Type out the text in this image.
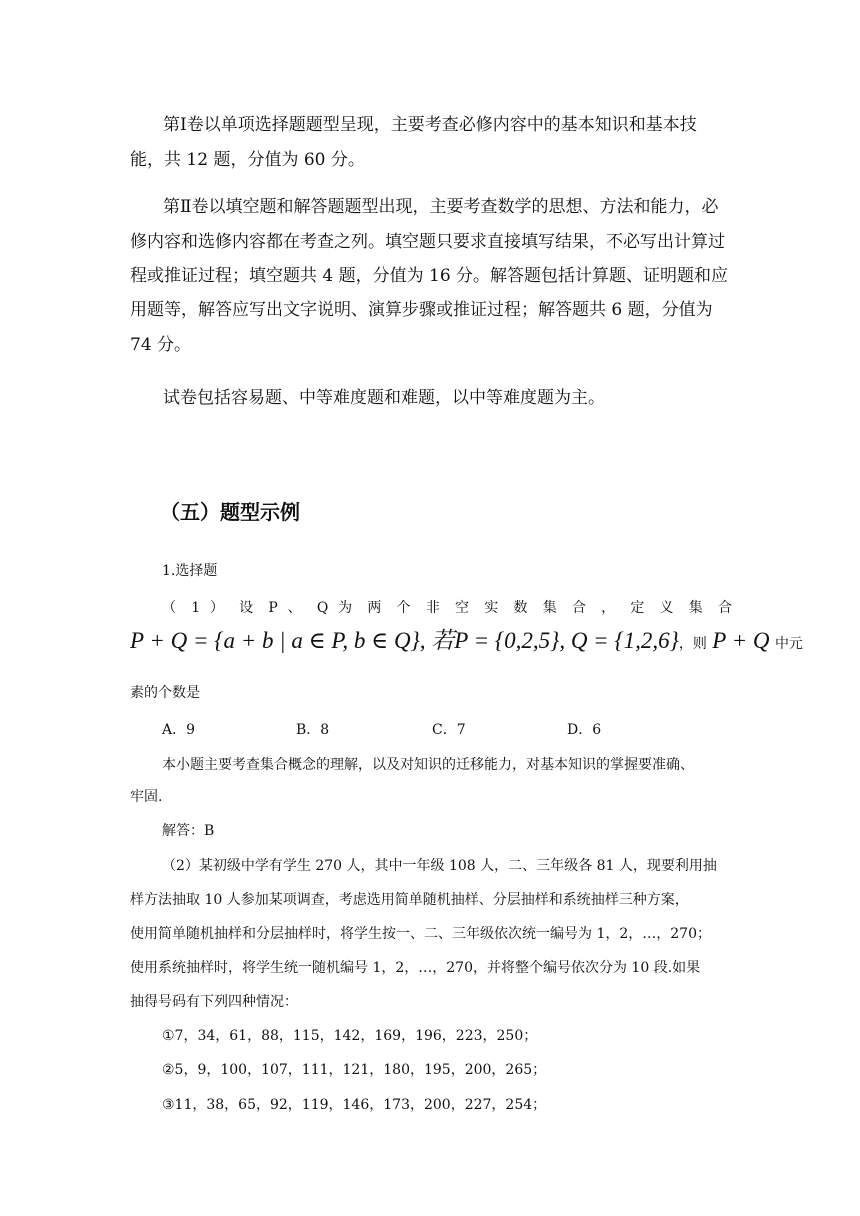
第Ⅰ卷以单项选择题题型呈现，主要考查必修内容中的基本知识和基本技
能，共 12 题，分值为 60 分。
第Ⅱ卷以填空题和解答题题型出现，主要考查数学的思想、方法和能力，必
修内容和选修内容都在考查之列。填空题只要求直接填写结果，不必写出计算过
程或推证过程；填空题共 4 题，分值为 16 分。解答题包括计算题、证明题和应
用题等，解答应写出文字说明、演算步骤或推证过程；解答题共 6 题，分值为
74 分。
试卷包括容易题、中等难度题和难题，以中等难度题为主。
（五）题型示例
1.选择题
（ 1 ） 设 P 、 Q 为 两 个 非 空 实 数 集 合 ， 定 义 集 合
P + Q = {a + b | a ∈ P, b ∈ Q}, 若P = {0,2,5}, Q = {1,2,6}，则 P + Q 中元
素的个数是
A．9	B．8	C．7	D．6
本小题主要考查集合概念的理解，以及对知识的迁移能力，对基本知识的掌握要准确、
牢固.
解答：B
（2）某初级中学有学生 270 人，其中一年级 108 人，二、三年级各 81 人，现要利用抽
样方法抽取 10 人参加某项调查，考虑选用简单随机抽样、分层抽样和系统抽样三种方案，
使用简单随机抽样和分层抽样时，将学生按一、二、三年级依次统一编号为 1，2，…，270；
使用系统抽样时，将学生统一随机编号 1，2，…，270，并将整个编号依次分为 10 段.如果
抽得号码有下列四种情况：
①7，34，61，88，115，142，169，196，223，250；
②5，9，100，107，111，121，180，195，200，265；
③11，38，65，92，119，146，173，200，227，254；
